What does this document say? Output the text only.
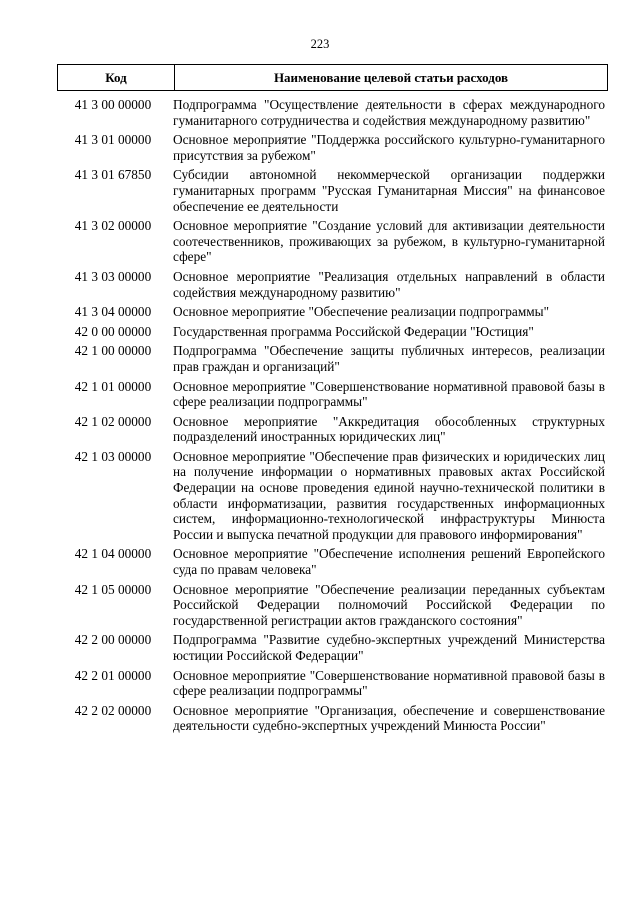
223
Код	Наименование целевой статьи расходов
41 3 00 00000	Подпрограмма "Осуществление деятельности в сферах международного гуманитарного сотрудничества и содействия международному развитию"
41 3 01 00000	Основное мероприятие "Поддержка российского культурно-гуманитарного присутствия за рубежом"
41 3 01 67850	Субсидии автономной некоммерческой организации поддержки гуманитарных программ "Русская Гуманитарная Миссия" на финансовое обеспечение ее деятельности
41 3 02 00000	Основное мероприятие "Создание условий для активизации деятельности соотечественников, проживающих за рубежом, в культурно-гуманитарной сфере"
41 3 03 00000	Основное мероприятие "Реализация отдельных направлений в области содействия международному развитию"
41 3 04 00000	Основное мероприятие "Обеспечение реализации подпрограммы"
42 0 00 00000	Государственная программа Российской Федерации "Юстиция"
42 1 00 00000	Подпрограмма "Обеспечение защиты публичных интересов, реализации прав граждан и организаций"
42 1 01 00000	Основное мероприятие "Совершенствование нормативной правовой базы в сфере реализации подпрограммы"
42 1 02 00000	Основное мероприятие "Аккредитация обособленных структурных подразделений иностранных юридических лиц"
42 1 03 00000	Основное мероприятие "Обеспечение прав физических и юридических лиц на получение информации о нормативных правовых актах Российской Федерации на основе проведения единой научно-технической политики в области информатизации, развития государственных информационных систем, информационно-технологической инфраструктуры Минюста России и выпуска печатной продукции для правового информирования"
42 1 04 00000	Основное мероприятие "Обеспечение исполнения решений Европейского суда по правам человека"
42 1 05 00000	Основное мероприятие "Обеспечение реализации переданных субъектам Российской Федерации полномочий Российской Федерации по государственной регистрации актов гражданского состояния"
42 2 00 00000	Подпрограмма "Развитие судебно-экспертных учреждений Министерства юстиции Российской Федерации"
42 2 01 00000	Основное мероприятие "Совершенствование нормативной правовой базы в сфере реализации подпрограммы"
42 2 02 00000	Основное мероприятие "Организация, обеспечение и совершенствование деятельности судебно-экспертных учреждений Минюста России"
